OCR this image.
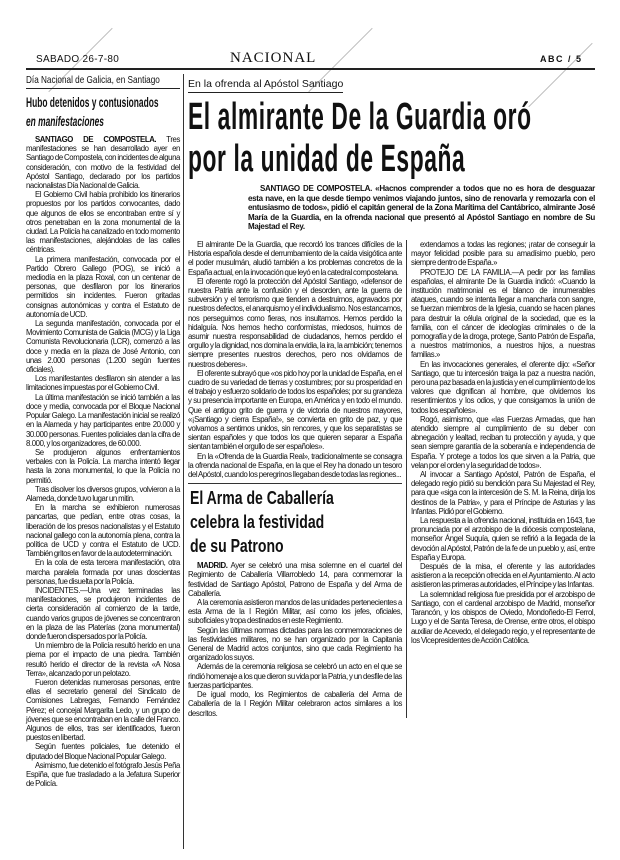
SABADO 26-7-80	NACIONAL	ABC / 5
Día Nacional de Galicia, en Santiago
Hubo detenidos y contusionados
en manifestaciones

SANTIAGO DE COMPOSTELA. Tres manifestaciones se han desarrollado ayer en Santiago de Compostela, con incidentes de alguna consideración, con motivo de la festividad del Apóstol Santiago, declarado por los partidos nacionalistas Día Nacional de Galicia.

El Gobierno Civil había prohibido los itinerarios propuestos por los partidos convocantes, dado que algunos de ellos se encontraban entre sí y otros penetraban en la zona monumental de la ciudad. La Policía ha canalizado en todo momento las manifestaciones, alejándolas de las calles céntricas.

La primera manifestación, convocada por el Partido Obrero Gallego (POG), se inició a mediodía en la plaza Roxal, con un centenar de personas, que desfilaron por los itinerarios permitidos sin incidentes. Fueron gritadas consignas autonómicas y contra el Estatuto de autonomía de UCD.

La segunda manifestación, convocada por el Movimiento Comunista de Galicia (MCG) y la Liga Comunista Revolucionaria (LCR), comenzó a las doce y media en la plaza de José Antonio, con unas 2.000 personas (1.200 según fuentes oficiales).

Los manifestantes desfilaron sin atender a las limitaciones impuestas por el Gobierno Civil.

La última manifestación se inició también a las doce y media, convocada por el Bloque Nacional Popular Galego. La manifestación inicial se realizó en la Alameda y hay participantes entre 20.000 y 30.000 personas. Fuentes policiales dan la cifra de 8.000, y los organizadores, de 60.000.

Se produjeron algunos enfrentamientos verbales con la Policía. La marcha intentó llegar hasta la zona monumental, lo que la Policía no permitió.

Tras disolver los diversos grupos, volvieron a la Alameda, donde tuvo lugar un mitin.

En la marcha se exhibieron numerosas pancartas, que pedían, entre otras cosas, la liberación de los presos nacionalistas y el Estatuto nacional gallego con la autonomía plena, contra la política de UCD y contra el Estatuto de UCD. También gritos en favor de la autodeterminación.

En la cola de esta tercera manifestación, otra marcha paralela formada por unas doscientas personas, fue disuelta por la Policía.

INCIDENTES.—Una vez terminadas las manifestaciones, se produjeron incidentes de cierta consideración al comienzo de la tarde, cuando varios grupos de jóvenes se concentraron en la plaza de las Platerías (zona monumental) donde fueron dispersados por la Policía.

Un miembro de la Policía resultó herido en una pierna por el impacto de una piedra. También resultó herido el director de la revista «A Nosa Terra», alcanzado por un pelotazo.

Fueron detenidas numerosas personas, entre ellas el secretario general del Sindicato de Comisiones Labregas, Fernando Fernández Pérez; el concejal Margarita Ledo, y un grupo de jóvenes que se encontraban en la calle del Franco. Algunos de ellos, tras ser identificados, fueron puestos en libertad.

Según fuentes policiales, fue detenido el diputado del Bloque Nacional Popular Galego.

Asimismo, fue detenido el fotógrafo Jesús Peña Espiña, que fue trasladado a la Jefatura Superior de Policía.

En la ofrenda al Apóstol Santiago
El almirante De la Guardia oró
por la unidad de España
SANTIAGO DE COMPOSTELA. «Hacnos comprender a todos que no es hora de desguazar esta nave, en la que desde tiempo venimos viajando juntos, sino de renovarla y remozarla con el entusiasmo de todos», pidió el capitán general de la Zona Marítima del Cantábrico, almirante José María de la Guardia, en la ofrenda nacional que presentó al Apóstol Santiago en nombre de Su Majestad el Rey.

El almirante De la Guardia, que recordó los trances difíciles de la Historia española desde el derrumbamiento de la caída visigótica ante el poder musulmán, aludió también a los problemas concretos de la España actual, en la invocación que leyó en la catedral compostelana.

El oferente rogó la protección del Apóstol Santiago, «defensor de nuestra Patria ante la confusión y el desorden, ante la guerra de subversión y el terrorismo que tienden a destruirnos, agravados por nuestros defectos, el anarquismo y el individualismo. Nos estancamos, nos perseguimos como fieras, nos insultamos. Hemos perdido la hidalguía. Nos hemos hecho conformistas, miedosos, huimos de asumir nuestra responsabilidad de ciudadanos, hemos perdido el orgullo y la dignidad, nos domina la envidia, la ira, la ambición; tenemos siempre presentes nuestros derechos, pero nos olvidamos de nuestros deberes».

El oferente subrayó que «os pido hoy por la unidad de España, en el cuadro de su variedad de tierras y costumbres; por su prosperidad en el trabajo y esfuerzo solidario de todos los españoles; por su grandeza y su presencia importante en Europa, en América y en todo el mundo. Que el antiguo grito de guerra y de victoria de nuestros mayores, «¡Santiago y cierra España!», se convierta en grito de paz, y que volvamos a sentirnos unidos, sin rencores, y que los separatistas se sientan españoles y que todos los que quieren separar a España sientan también el orgullo de ser españoles».

En la «Ofrenda de la Guardia Real», tradicionalmente se consagra la ofrenda nacional de España, en la que el Rey ha donado un tesoro del Apóstol, cuando los peregrinos llegaban desde todas las regiones...

El Arma de Caballería
celebra la festividad
de su Patrono

MADRID. Ayer se celebró una misa solemne en el cuartel del Regimiento de Caballería Villarrobledo 14, para conmemorar la festividad de Santiago Apóstol, Patrono de España y del Arma de Caballería.

A la ceremonia asistieron mandos de las unidades pertenecientes a esta Arma de la I Región Militar, así como los jefes, oficiales, suboficiales y tropa destinados en este Regimiento.

Según las últimas normas dictadas para las conmemoraciones de las festividades militares, no se han organizado por la Capitanía General de Madrid actos conjuntos, sino que cada Regimiento ha organizado los suyos.

Además de la ceremonia religiosa se celebró un acto en el que se rindió homenaje a los que dieron su vida por la Patria, y un desfile de las fuerzas participantes.

De igual modo, los Regimientos de caballería del Arma de Caballería de la I Región Militar celebraron actos similares a los descritos.

extendamos a todas las regiones; ¡ratar de conseguir la mayor felicidad posible para su amadísimo pueblo, pero siempre dentro de España.»

PROTEJO DE LA FAMILIA.—A pedir por las familias españolas, el almirante De la Guardia indicó: «Cuando la institución matrimonial es el blanco de innumerables ataques, cuando se intenta llegar a mancharla con sangre, se fuerzan miembros de la Iglesia, cuando se hacen planes para destruir la célula original de la sociedad, que es la familia, con el cáncer de ideologías criminales o de la pornografía y de la droga, protege, Santo Patrón de España, a nuestros matrimonios, a nuestros hijos, a nuestras familias.»

En las invocaciones generales, el oferente dijo: «Señor Santiago, que tu intercesión traiga la paz a nuestra nación, pero una paz basada en la justicia y en el cumplimiento de los valores que dignifican al hombre, que olvidemos los resentimientos y los odios, y que consigamos la unión de todos los españoles».

Rogó, asimismo, que «las Fuerzas Armadas, que han atendido siempre al cumplimiento de su deber con abnegación y lealtad, reciban tu protección y ayuda, y que sean siempre garantía de la soberanía e independencia de España. Y protege a todos los que sirven a la Patria, que velan por el orden y la seguridad de todos».

Al invocar a Santiago Apóstol, Patrón de España, el delegado regio pidió su bendición para Su Majestad el Rey, para que «siga con la intercesión de S. M. la Reina, dirija los destinos de la Patria», y para el Príncipe de Asturias y las Infantas. Pidió por el Gobierno.

La respuesta a la ofrenda nacional, instituida en 1643, fue pronunciada por el arzobispo de la diócesis compostelana, monseñor Ángel Suquía, quien se refirió a la llegada de la devoción al Apóstol, Patrón de la fe de un pueblo y, así, entre España y Europa.

Después de la misa, el oferente y las autoridades asistieron a la recepción ofrecida en el Ayuntamiento. Al acto asistieron las primeras autoridades, el Príncipe y las Infantas.

La solemnidad religiosa fue presidida por el arzobispo de Santiago, con el cardenal arzobispo de Madrid, monseñor Tarancón, y los obispos de Oviedo, Mondoñedo-El Ferrol, Lugo y el de Santa Teresa, de Orense, entre otros, el obispo auxiliar de Acevedo, el delegado regio, y el representante de los Vicepresidentes de Acción Católica.
